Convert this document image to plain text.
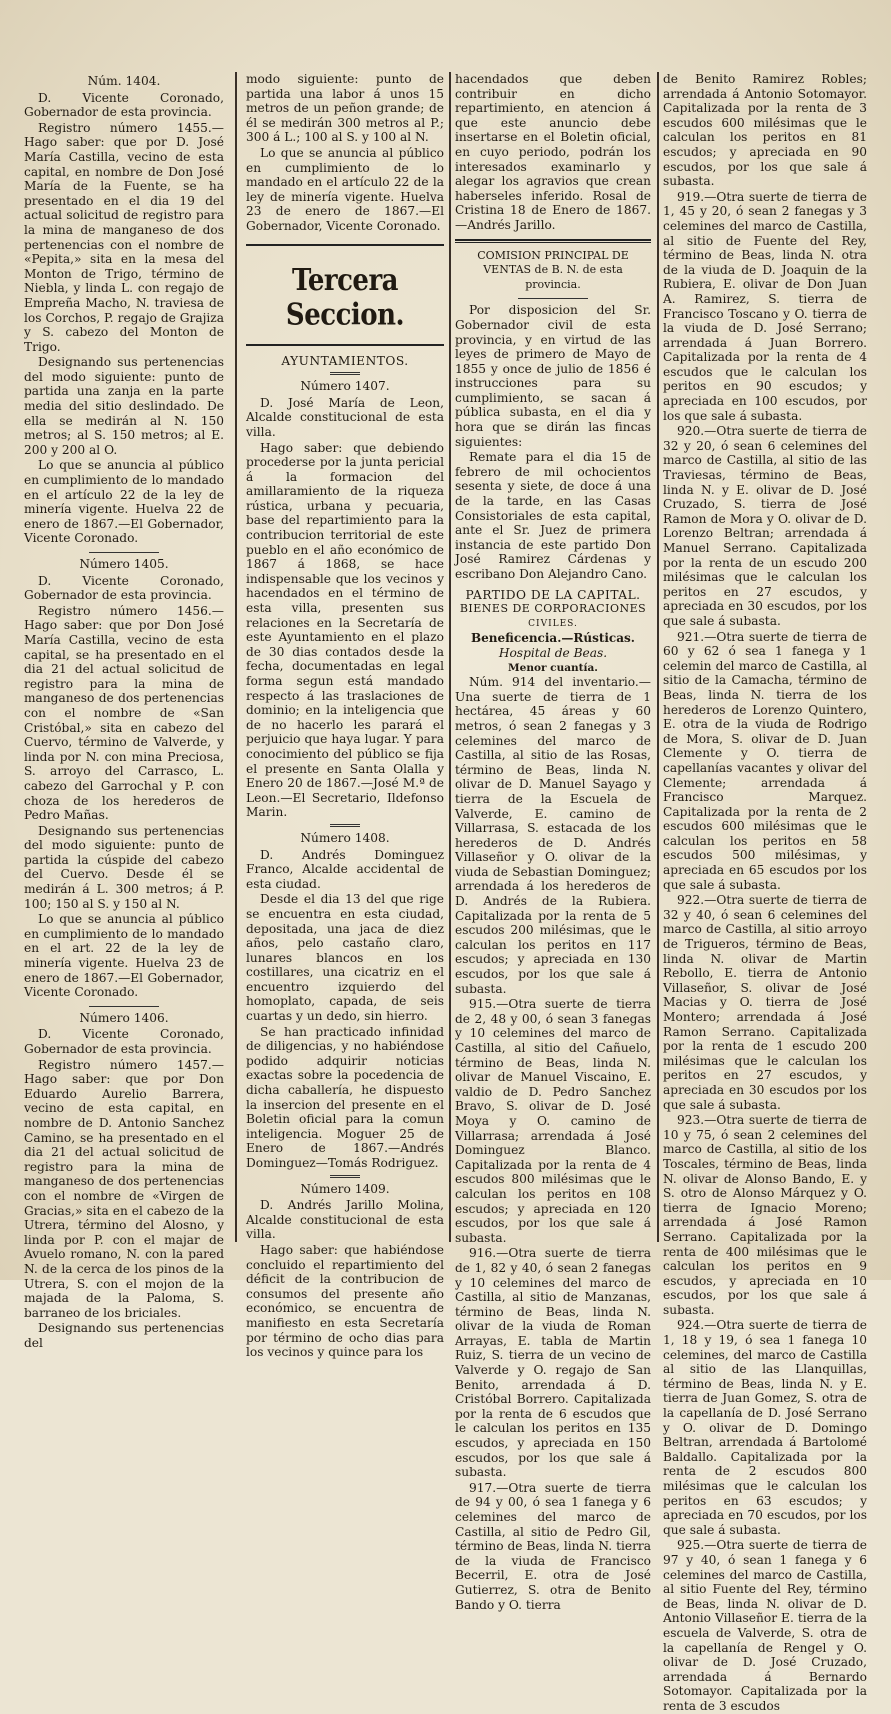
Núm. 1404.

D. Vicente Coronado, Gobernador de esta provincia.

Registro número 1455.—Hago saber: que por D. José María Castilla, vecino de esta capital, en nombre de Don José María de la Fuente, se ha presentado en el dia 19 del actual solicitud de registro para la mina de manganeso de dos pertenencias con el nombre de «Pepita,» sita en la mesa del Monton de Trigo, término de Niebla, y linda L. con regajo de Empreña Macho, N. traviesa de los Corchos, P. regajo de Grajiza y S. cabezo del Monton de Trigo.

Designando sus pertenencias del modo siguiente: punto de partida una zanja en la parte media del sitio deslindado. De ella se medirán al N. 150 metros; al S. 150 metros; al E. 200 y 200 al O.

Lo que se anuncia al público en cumplimiento de lo mandado en el artículo 22 de la ley de minería vigente. Huelva 22 de enero de 1867.—El Gobernador, Vicente Coronado.

Número 1405.

D. Vicente Coronado, Gobernador de esta provincia.

Registro número 1456.—Hago saber: que por Don José María Castilla, vecino de esta capital, se ha presentado en el dia 21 del actual solicitud de registro para la mina de manganeso de dos pertenencias con el nombre de «San Cristóbal,» sita en cabezo del Cuervo, término de Valverde, y linda por N. con mina Preciosa, S. arroyo del Carrasco, L. cabezo del Garrochal y P. con choza de los herederos de Pedro Mañas.

Designando sus pertenencias del modo siguiente: punto de partida la cúspide del cabezo del Cuervo. Desde él se medirán á L. 300 metros; á P. 100; 150 al S. y 150 al N.

Lo que se anuncia al público en cumplimiento de lo mandado en el art. 22 de la ley de minería vigente. Huelva 23 de enero de 1867.—El Gobernador, Vicente Coronado.

Número 1406.

D. Vicente Coronado, Gobernador de esta provincia.

Registro número 1457.—Hago saber: que por Don Eduardo Aurelio Barrera, vecino de esta capital, en nombre de D. Antonio Sanchez Camino, se ha presentado en el dia 21 del actual solicitud de registro para la mina de manganeso de dos pertenencias con el nombre de «Virgen de Gracias,» sita en el cabezo de la Utrera, término del Alosno, y linda por P. con el majar de Avuelo romano, N. con la pared N. de la cerca de los pinos de la Utrera, S. con el mojon de la majada de la Paloma, S. barraneo de los briciales.

Designando sus pertenencias del

modo siguiente: punto de partida una labor á unos 15 metros de un peñon grande; de él se medirán 300 metros al P.; 300 á L.; 100 al S. y 100 al N.

Lo que se anuncia al público en cumplimiento de lo mandado en el artículo 22 de la ley de minería vigente. Huelva 23 de enero de 1867.—El Gobernador, Vicente Coronado.

Tercera Seccion.
AYUNTAMIENTOS.
Número 1407.

D. José María de Leon, Alcalde constitucional de esta villa.

Hago saber: que debiendo procederse por la junta pericial á la formacion del amillaramiento de la riqueza rústica, urbana y pecuaria, base del repartimiento para la contribucion territorial de este pueblo en el año económico de 1867 á 1868, se hace indispensable que los vecinos y hacendados en el término de esta villa, presenten sus relaciones en la Secretaría de este Ayuntamiento en el plazo de 30 dias contados desde la fecha, documentadas en legal forma segun está mandado respecto á las traslaciones de dominio; en la inteligencia que de no hacerlo les parará el perjuicio que haya lugar. Y para conocimiento del público se fija el presente en Santa Olalla y Enero 20 de 1867.—José M.ª de Leon.—El Secretario, Ildefonso Marin.

Número 1408.

D. Andrés Dominguez Franco, Alcalde accidental de esta ciudad.

Desde el dia 13 del que rige se encuentra en esta ciudad, depositada, una jaca de diez años, pelo castaño claro, lunares blancos en los costillares, una cicatriz en el encuentro izquierdo del homoplato, capada, de seis cuartas y un dedo, sin hierro.

Se han practicado infinidad de diligencias, y no habiéndose podido adquirir noticias exactas sobre la pocedencia de dicha caballería, he dispuesto la insercion del presente en el Boletin oficial para la comun inteligencia. Moguer 25 de Enero de 1867.—Andrés Dominguez—Tomás Rodriguez.

Número 1409.

D. Andrés Jarillo Molina, Alcalde constitucional de esta villa.

Hago saber: que habiéndose concluido el repartimiento del déficit de la contribucion de consumos del presente año económico, se encuentra de manifiesto en esta Secretaría por término de ocho dias para los vecinos y quince para los

hacendados que deben contribuir en dicho repartimiento, en atencion á que este anuncio debe insertarse en el Boletin oficial, en cuyo periodo, podrán los interesados examinarlo y alegar los agravios que crean haberseles inferido. Rosal de Cristina 18 de Enero de 1867.—Andrés Jarillo.

COMISION PRINCIPAL DE VENTAS de B. N. de esta provincia.

Por disposicion del Sr. Gobernador civil de esta provincia, y en virtud de las leyes de primero de Mayo de 1855 y once de julio de 1856 é instrucciones para su cumplimiento, se sacan á pública subasta, en el dia y hora que se dirán las fincas siguientes:

Remate para el dia 15 de febrero de mil ochocientos sesenta y siete, de doce á una de la tarde, en las Casas Consistoriales de esta capital, ante el Sr. Juez de primera instancia de este partido Don José Ramirez Cárdenas y escribano Don Alejandro Cano.

PARTIDO DE LA CAPITAL.
BIENES DE CORPORACIONES
CIVILES.
Beneficencia.—Rústicas.
Hospital de Beas.
Menor cuantía.

Núm. 914 del inventario.—Una suerte de tierra de 1 hectárea, 45 áreas y 60 metros, ó sean 2 fanegas y 3 celemines del marco de Castilla, al sitio de las Rosas, término de Beas, linda N. olivar de D. Manuel Sayago y tierra de la Escuela de Valverde, E. camino de Villarrasa, S. estacada de los herederos de D. Andrés Villaseñor y O. olivar de la viuda de Sebastian Dominguez; arrendada á los herederos de D. Andrés de la Rubiera. Capitalizada por la renta de 5 escudos 200 milésimas, que le calculan los peritos en 117 escudos; y apreciada en 130 escudos, por los que sale á subasta.

915.—Otra suerte de tierra de 2, 48 y 00, ó sean 3 fanegas y 10 celemines del marco de Castilla, al sitio del Cañuelo, término de Beas, linda N. olivar de Manuel Viscaino, E. valdio de D. Pedro Sanchez Bravo, S. olivar de D. José Moya y O. camino de Villarrasa; arrendada á José Dominguez Blanco. Capitalizada por la renta de 4 escudos 800 milésimas que le calculan los peritos en 108 escudos; y apreciada en 120 escudos, por los que sale á subasta.

916.—Otra suerte de tierra de 1, 82 y 40, ó sean 2 fanegas y 10 celemines del marco de Castilla, al sitio de Manzanas, término de Beas, linda N. olivar de la viuda de Roman Arrayas, E. tabla de Martin Ruiz, S. tierra de un vecino de Valverde y O. regajo de San Benito, arrendada á D. Cristóbal Borrero. Capitalizada por la renta de 6 escudos que le calculan los peritos en 135 escudos, y apreciada en 150 escudos, por los que sale á subasta.

917.—Otra suerte de tierra de 94 y 00, ó sea 1 fanega y 6 celemines del marco de Castilla, al sitio de Pedro Gil, término de Beas, linda N. tierra de la viuda de Francisco Becerril, E. otra de José Gutierrez, S. otra de Benito Bando y O. tierra

de Benito Ramirez Robles; arrendada á Antonio Sotomayor. Capitalizada por la renta de 3 escudos 600 milésimas que le calculan los peritos en 81 escudos; y apreciada en 90 escudos, por los que sale á subasta.

919.—Otra suerte de tierra de 1, 45 y 20, ó sean 2 fanegas y 3 celemines del marco de Castilla, al sitio de Fuente del Rey, término de Beas, linda N. otra de la viuda de D. Joaquin de la Rubiera, E. olivar de Don Juan A. Ramirez, S. tierra de Francisco Toscano y O. tierra de la viuda de D. José Serrano; arrendada á Juan Borrero. Capitalizada por la renta de 4 escudos que le calculan los peritos en 90 escudos; y apreciada en 100 escudos, por los que sale á subasta.

920.—Otra suerte de tierra de 32 y 20, ó sean 6 celemines del marco de Castilla, al sitio de las Traviesas, término de Beas, linda N. y E. olivar de D. José Cruzado, S. tierra de José Ramon de Mora y O. olivar de D. Lorenzo Beltran; arrendada á Manuel Serrano. Capitalizada por la renta de un escudo 200 milésimas que le calculan los peritos en 27 escudos, y apreciada en 30 escudos, por los que sale á subasta.

921.—Otra suerte de tierra de 60 y 62 ó sea 1 fanega y 1 celemin del marco de Castilla, al sitio de la Camacha, término de Beas, linda N. tierra de los herederos de Lorenzo Quintero, E. otra de la viuda de Rodrigo de Mora, S. olivar de D. Juan Clemente y O. tierra de capellanías vacantes y olivar del Clemente; arrendada á Francisco Marquez. Capitalizada por la renta de 2 escudos 600 milésimas que le calculan los peritos en 58 escudos 500 milésimas, y apreciada en 65 escudos por los que sale á subasta.

922.—Otra suerte de tierra de 32 y 40, ó sean 6 celemines del marco de Castilla, al sitio arroyo de Trigueros, término de Beas, linda N. olivar de Martin Rebollo, E. tierra de Antonio Villaseñor, S. olivar de José Macias y O. tierra de José Montero; arrendada á José Ramon Serrano. Capitalizada por la renta de 1 escudo 200 milésimas que le calculan los peritos en 27 escudos, y apreciada en 30 escudos por los que sale á subasta.

923.—Otra suerte de tierra de 10 y 75, ó sean 2 celemines del marco de Castilla, al sitio de los Toscales, término de Beas, linda N. olivar de Alonso Bando, E. y S. otro de Alonso Márquez y O. tierra de Ignacio Moreno; arrendada á José Ramon Serrano. Capitalizada por la renta de 400 milésimas que le calculan los peritos en 9 escudos, y apreciada en 10 escudos, por los que sale á subasta.

924.—Otra suerte de tierra de 1, 18 y 19, ó sea 1 fanega 10 celemines, del marco de Castilla al sitio de las Llanquillas, término de Beas, linda N. y E. tierra de Juan Gomez, S. otra de la capellanía de D. José Serrano y O. olivar de D. Domingo Beltran, arrendada á Bartolomé Baldallo. Capitalizada por la renta de 2 escudos 800 milésimas que le calculan los peritos en 63 escudos; y apreciada en 70 escudos, por los que sale á subasta.

925.—Otra suerte de tierra de 97 y 40, ó sean 1 fanega y 6 celemines del marco de Castilla, al sitio Fuente del Rey, término de Beas, linda N. olivar de D. Antonio Villaseñor E. tierra de la escuela de Valverde, S. otra de la capellanía de Rengel y O. olivar de D. José Cruzado, arrendada á Bernardo Sotomayor. Capitalizada por la renta de 3 escudos
